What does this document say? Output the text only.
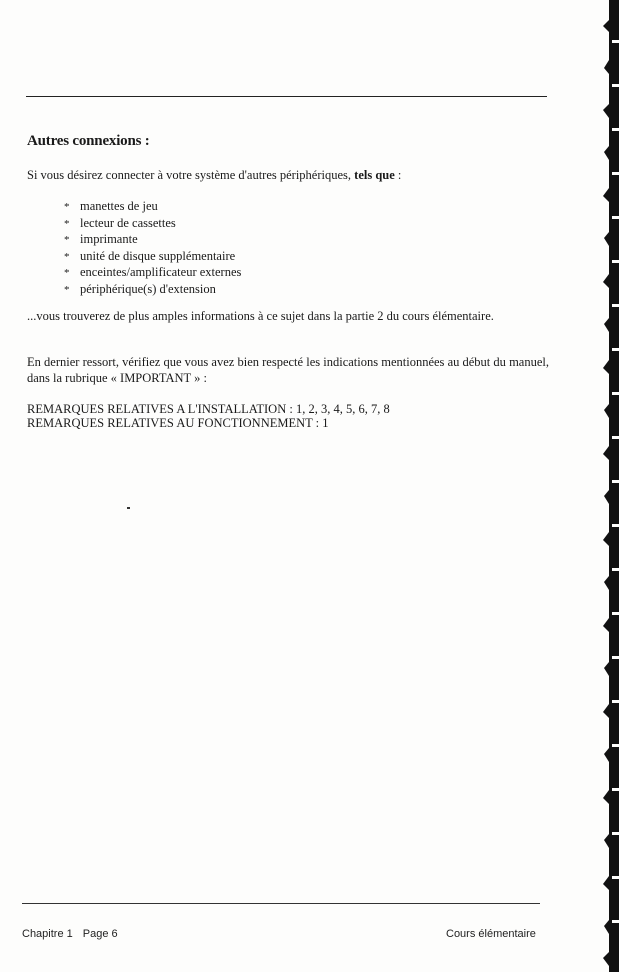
Autres connexions :

Si vous désirez connecter à votre système d'autres périphériques, tels que :

* manettes de jeu
* lecteur de cassettes
* imprimante
* unité de disque supplémentaire
* enceintes/amplificateur externes
* périphérique(s) d'extension

...vous trouverez de plus amples informations à ce sujet dans la partie 2 du cours élémentaire.

En dernier ressort, vérifiez que vous avez bien respecté les indications mentionnées au début du manuel, dans la rubrique « IMPORTANT » :

REMARQUES RELATIVES A L'INSTALLATION : 1, 2, 3, 4, 5, 6, 7, 8
REMARQUES RELATIVES AU FONCTIONNEMENT : 1
Chapitre 1 Page 6	Cours élémentaire
